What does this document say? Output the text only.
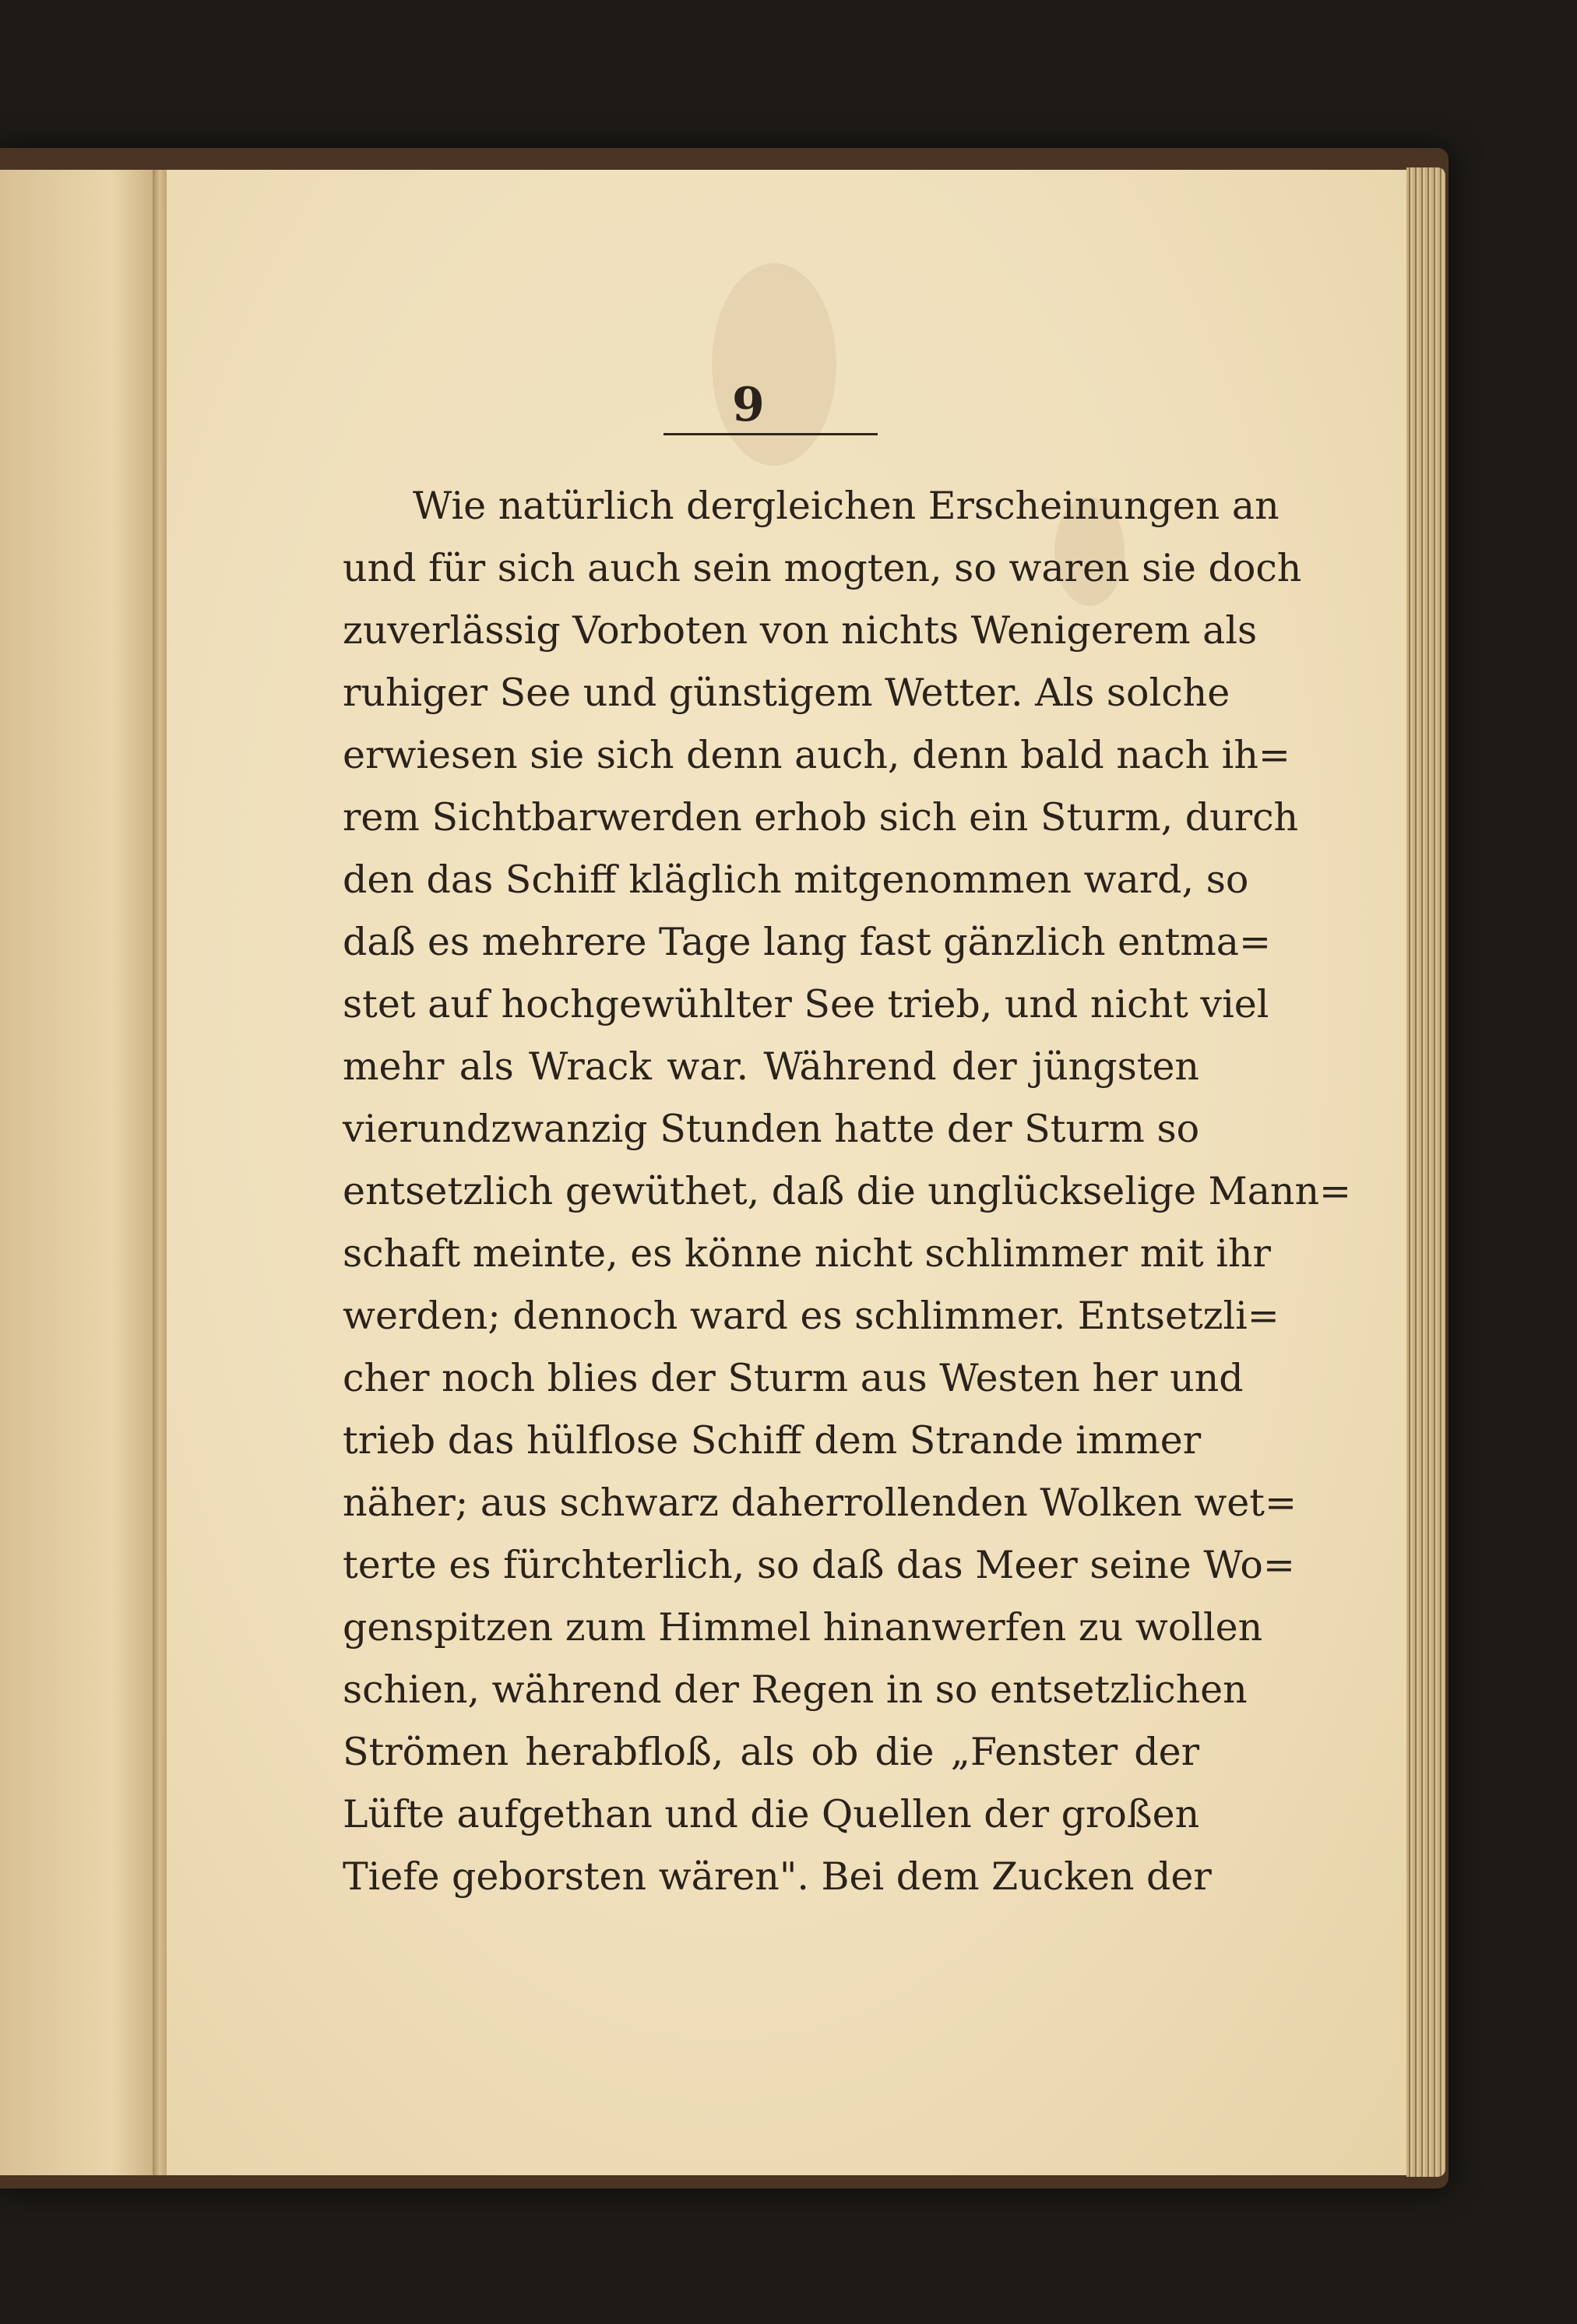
9
Wie natürlich dergleichen Erscheinungen an
und für sich auch sein mogten, so waren sie doch
zuverlässig Vorboten von nichts Wenigerem als
ruhiger See und günstigem Wetter. Als solche
erwiesen sie sich denn auch, denn bald nach ih=
rem Sichtbarwerden erhob sich ein Sturm, durch
den das Schiff kläglich mitgenommen ward, so
daß es mehrere Tage lang fast gänzlich entma=
stet auf hochgewühlter See trieb, und nicht viel
mehr als Wrack war. Während der jüngsten
vierundzwanzig Stunden hatte der Sturm so
entsetzlich gewüthet, daß die unglückselige Mann=
schaft meinte, es könne nicht schlimmer mit ihr
werden; dennoch ward es schlimmer. Entsetzli=
cher noch blies der Sturm aus Westen her und
trieb das hülflose Schiff dem Strande immer
näher; aus schwarz daherrollenden Wolken wet=
terte es fürchterlich, so daß das Meer seine Wo=
genspitzen zum Himmel hinanwerfen zu wollen
schien, während der Regen in so entsetzlichen
Strömen herabfloß, als ob die „Fenster der
Lüfte aufgethan und die Quellen der großen
Tiefe geborsten wären". Bei dem Zucken der
